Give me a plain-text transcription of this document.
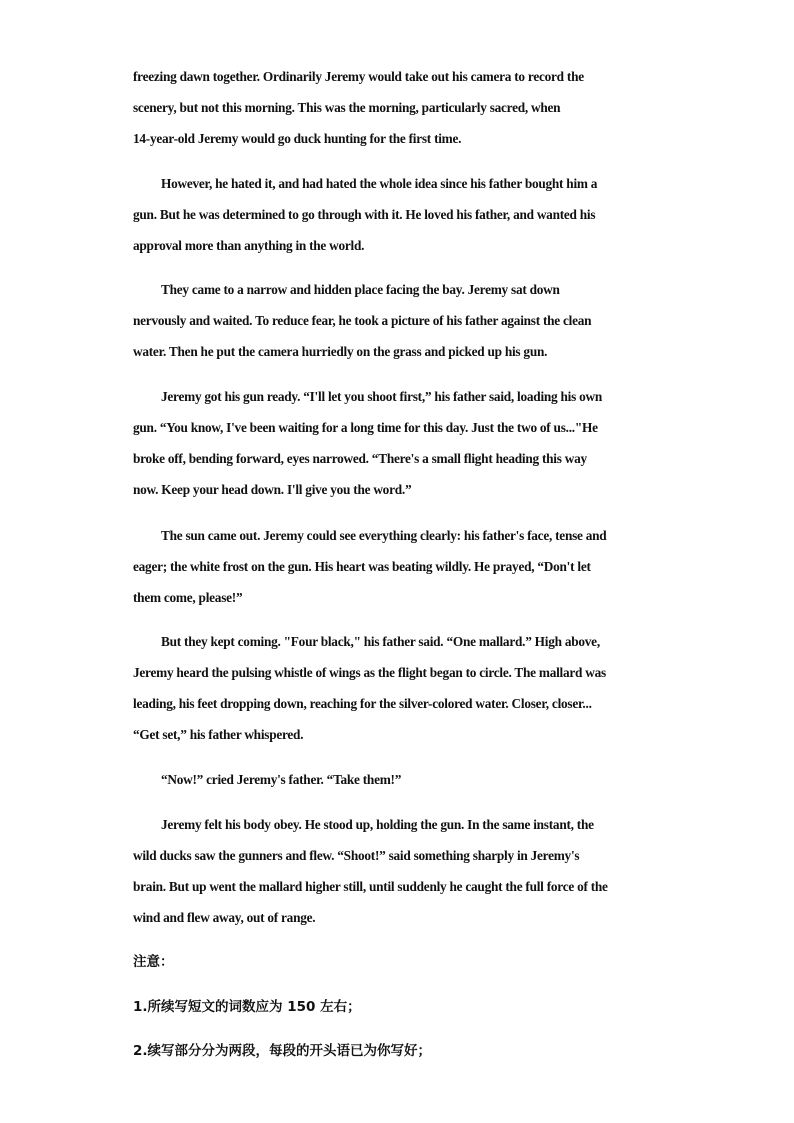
freezing dawn together. Ordinarily Jeremy would take out his camera to record the
scenery, but not this morning. This was the morning, particularly sacred, when
14-year-old Jeremy would go duck hunting for the first time.

However, he hated it, and had hated the whole idea since his father bought him a
gun. But he was determined to go through with it. He loved his father, and wanted his
approval more than anything in the world.

They came to a narrow and hidden place facing the bay. Jeremy sat down
nervously and waited. To reduce fear, he took a picture of his father against the clean
water. Then he put the camera hurriedly on the grass and picked up his gun.

Jeremy got his gun ready. “I'll let you shoot first,” his father said, loading his own
gun. “You know, I've been waiting for a long time for this day. Just the two of us..."He
broke off, bending forward, eyes narrowed. “There's a small flight heading this way
now. Keep your head down. I'll give you the word.”

The sun came out. Jeremy could see everything clearly: his father's face, tense and
eager; the white frost on the gun. His heart was beating wildly. He prayed, “Don't let
them come, please!”

But they kept coming. "Four black," his father said. “One mallard.” High above,
Jeremy heard the pulsing whistle of wings as the flight began to circle. The mallard was
leading, his feet dropping down, reaching for the silver-colored water. Closer, closer...
“Get set,” his father whispered.

“Now!” cried Jeremy's father. “Take them!”

Jeremy felt his body obey. He stood up, holding the gun. In the same instant, the
wild ducks saw the gunners and flew. “Shoot!” said something sharply in Jeremy's
brain. But up went the mallard higher still, until suddenly he caught the full force of the
wind and flew away, out of range.

注意：

1.所续写短文的词数应为 150 左右；

2.续写部分分为两段，每段的开头语已为你写好；
